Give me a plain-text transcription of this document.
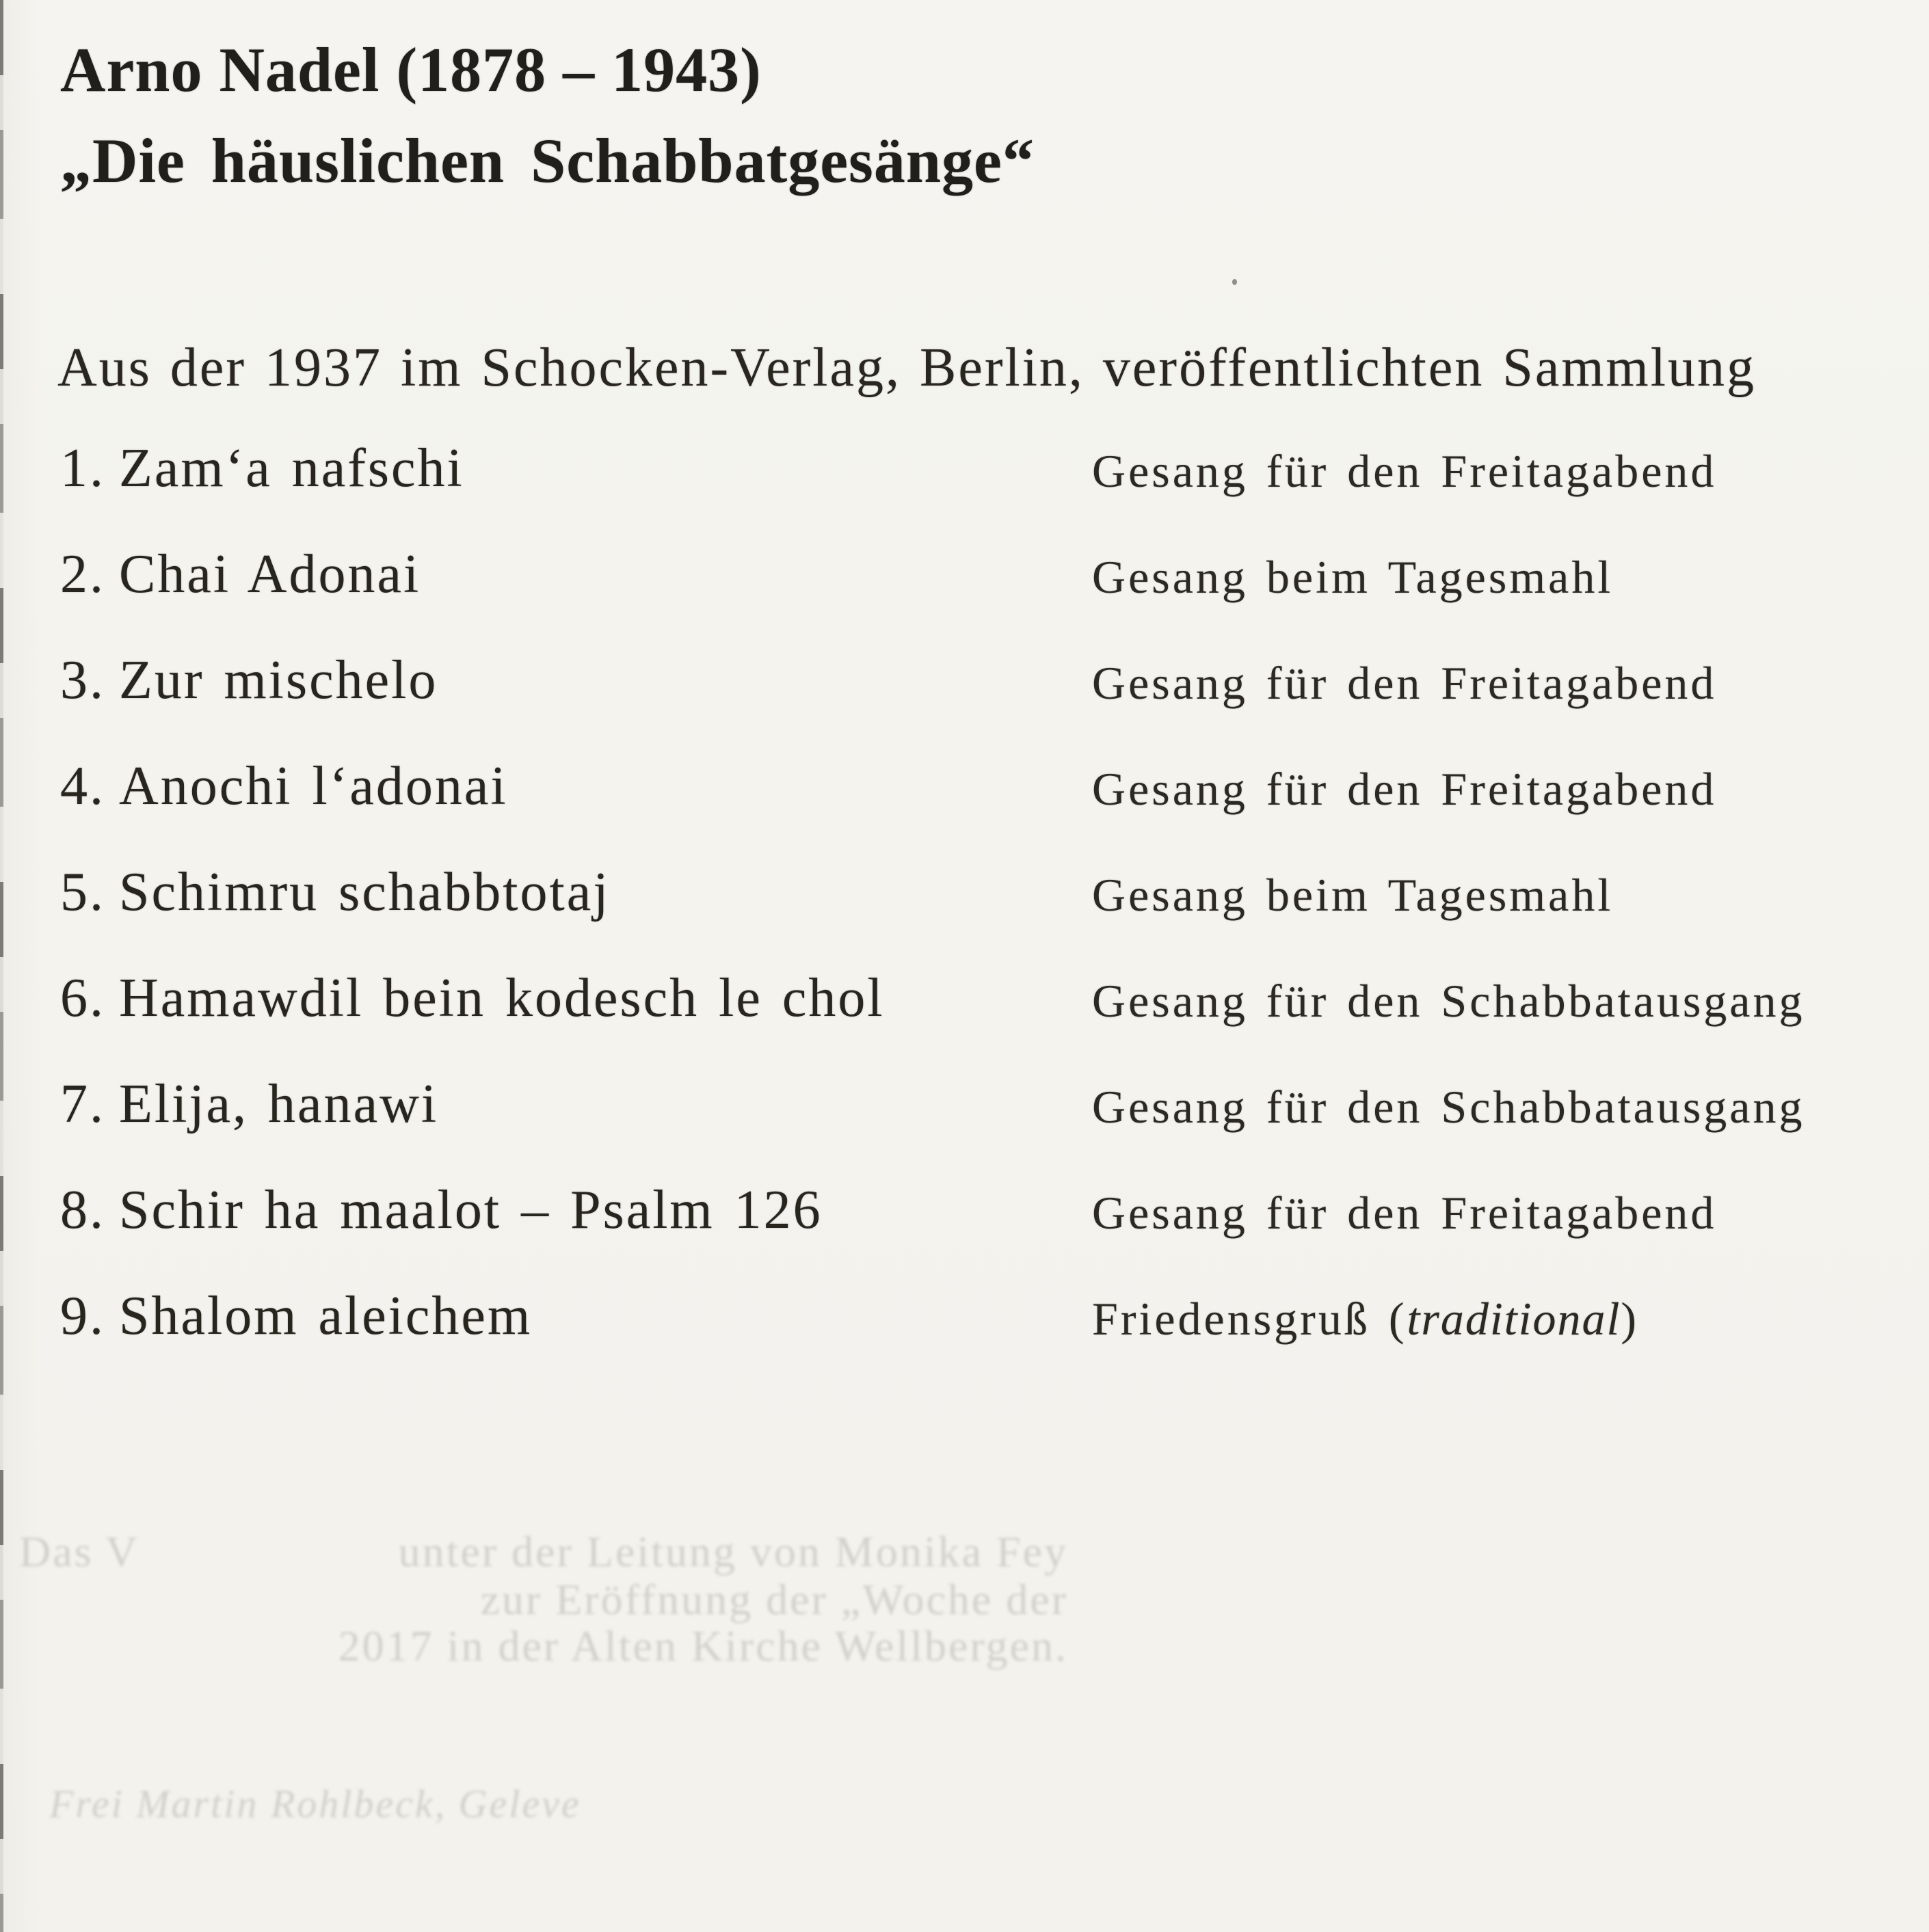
Arno Nadel (1878 – 1943)
„Die häuslichen Schabbatgesänge“
Aus der 1937 im Schocken-Verlag, Berlin, veröffentlichten Sammlung
1. Zam‘a nafschi	Gesang für den Freitagabend
2. Chai Adonai	Gesang beim Tagesmahl
3. Zur mischelo	Gesang für den Freitagabend
4. Anochi l‘adonai	Gesang für den Freitagabend
5. Schimru schabbtotaj	Gesang beim Tagesmahl
6. Hamawdil bein kodesch le chol	Gesang für den Schabbatausgang
7. Elija, hanawi	Gesang für den Schabbatausgang
8. Schir ha maalot – Psalm 126	Gesang für den Freitagabend
9. Shalom aleichem	Friedensgruß (traditional)
Das V	unter der Leitung von Monika Fey
zur Eröffnung der „Woche der
2017 in der Alten Kirche Wellbergen.
Frei Martin Rohlbeck, Geleve
